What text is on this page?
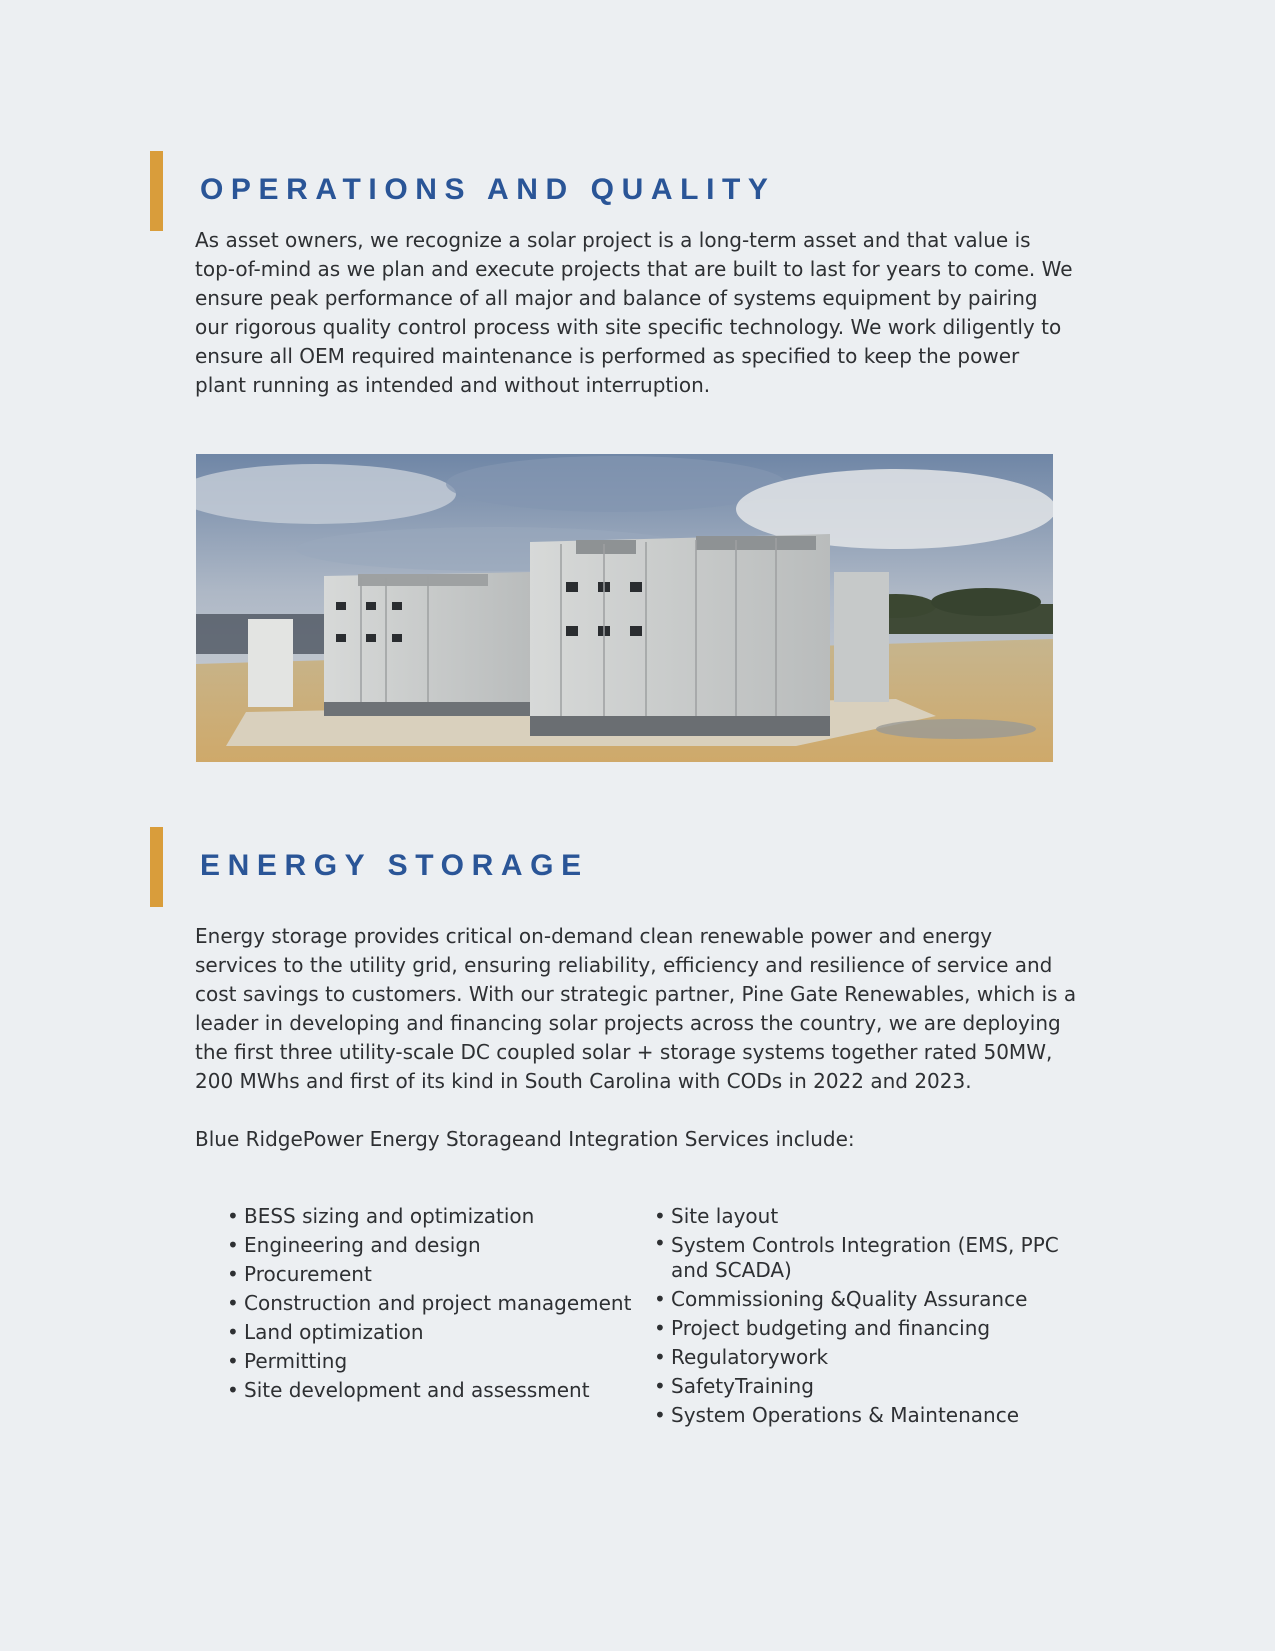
OPERATIONS AND QUALITY

As asset owners, we recognize a solar project is a long-term asset and that value is top-of-mind as we plan and execute projects that are built to last for years to come. We ensure peak performance of all major and balance of systems equipment by pairing our rigorous quality control process with site specific technology. We work diligently to ensure all OEM required maintenance is performed as specified to keep the power plant running as intended and without interruption.

ENERGY STORAGE

Energy storage provides critical on-demand clean renewable power and energy services to the utility grid, ensuring reliability, efficiency and resilience of service and cost savings to customers. With our strategic partner, Pine Gate Renewables, which is a leader in developing and financing solar projects across the country, we are deploying the first three utility-scale DC coupled solar + storage systems together rated 50MW, 200 MWhs and first of its kind in South Carolina with CODs in 2022 and 2023.

Blue RidgePower Energy Storageand Integration Services include:

• BESS sizing and optimization
• Engineering and design
• Procurement
• Construction and project management
• Land optimization
• Permitting
• Site development and assessment
• Site layout
• System Controls Integration (EMS, PPC and SCADA)
• Commissioning &Quality Assurance
• Project budgeting and financing
• Regulatorywork
• SafetyTraining
• System Operations & Maintenance
